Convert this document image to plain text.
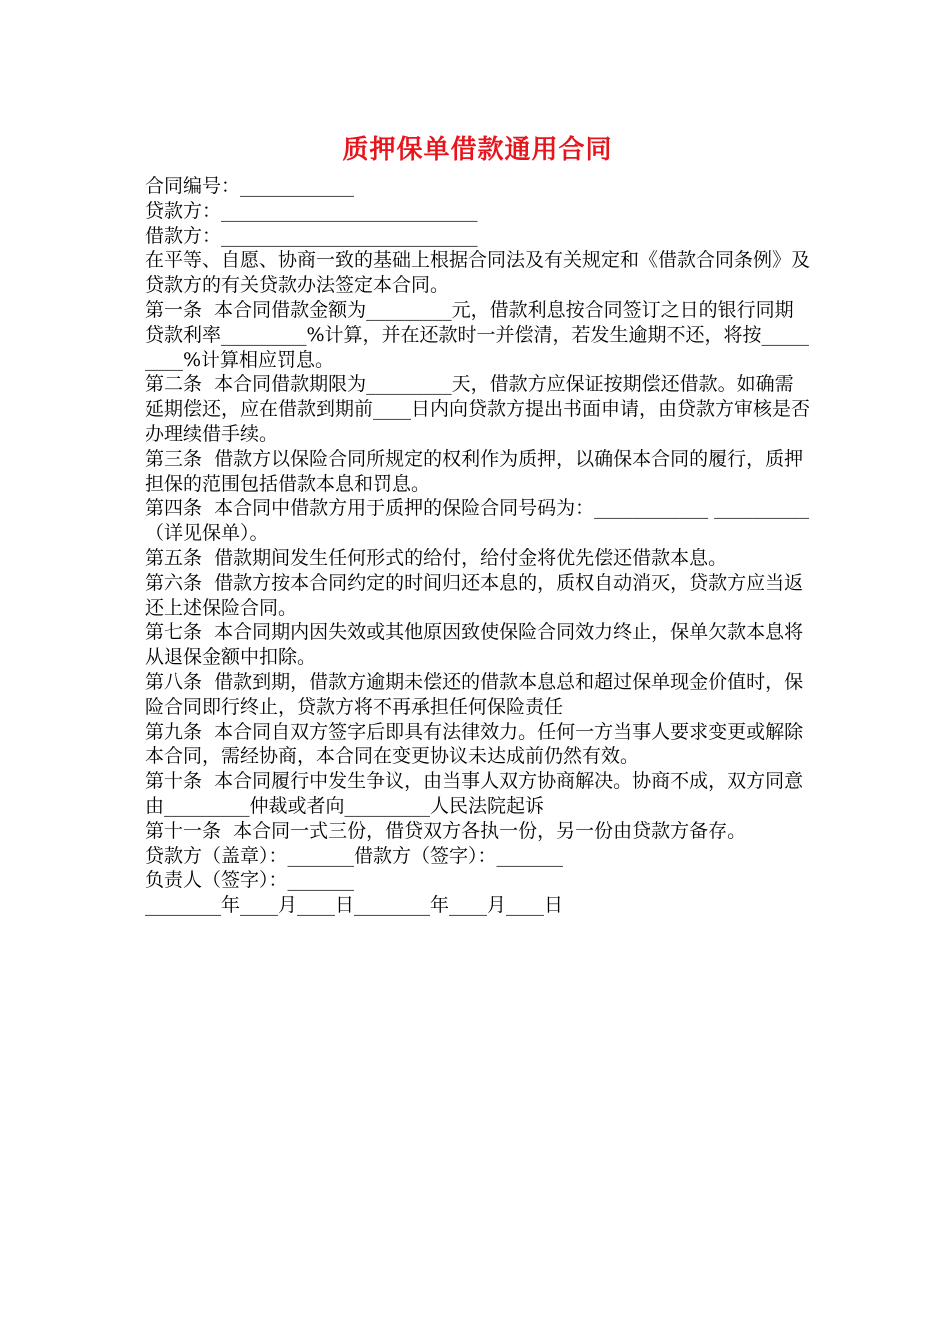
质押保单借款通用合同
合同编号：____________
贷款方：___________________________
借款方：___________________________
在平等、自愿、协商一致的基础上根据合同法及有关规定和《借款合同条例》及贷款方的有关贷款办法签定本合同。
第一条  本合同借款金额为_________元，借款利息按合同签订之日的银行同期贷款利率_________%计算，并在还款时一并偿清，若发生逾期不还，将按_________%计算相应罚息。
第二条  本合同借款期限为_________天，借款方应保证按期偿还借款。如确需延期偿还，应在借款到期前____日内向贷款方提出书面申请，由贷款方审核是否办理续借手续。
第三条  借款方以保险合同所规定的权利作为质押，以确保本合同的履行，质押担保的范围包括借款本息和罚息。
第四条  本合同中借款方用于质押的保险合同号码为：____________ __________（详见保单）。
第五条  借款期间发生任何形式的给付，给付金将优先偿还借款本息。
第六条  借款方按本合同约定的时间归还本息的，质权自动消灭，贷款方应当返还上述保险合同。
第七条  本合同期内因失效或其他原因致使保险合同效力终止，保单欠款本息将从退保金额中扣除。
第八条  借款到期，借款方逾期未偿还的借款本息总和超过保单现金价值时，保险合同即行终止，贷款方将不再承担任何保险责任
第九条  本合同自双方签字后即具有法律效力。任何一方当事人要求变更或解除本合同，需经协商，本合同在变更协议未达成前仍然有效。
第十条  本合同履行中发生争议，由当事人双方协商解决。协商不成，双方同意由_________仲裁或者向_________人民法院起诉
第十一条  本合同一式三份，借贷双方各执一份，另一份由贷款方备存。
贷款方（盖章）：_______借款方（签字）：_______
负责人（签字）：_______
________年____月____日________年____月____日
